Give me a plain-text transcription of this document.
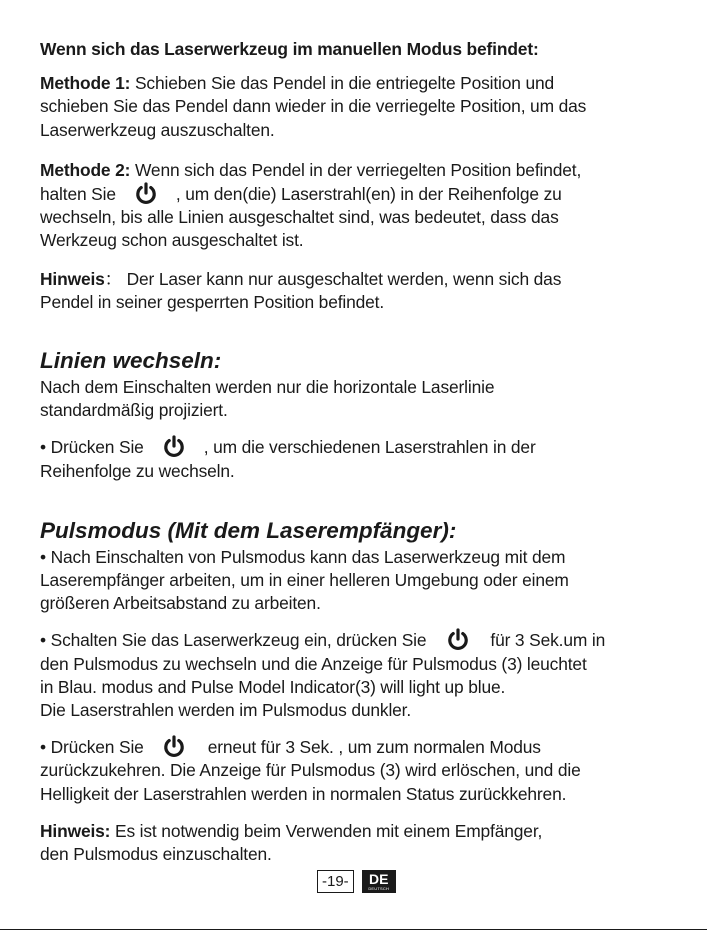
Wenn sich das Laserwerkzeug im manuellen Modus befindet:

Methode 1: Schieben Sie das Pendel in die entriegelte Position und
schieben Sie das Pendel dann wieder in die verriegelte Position, um das
Laserwerkzeug auszuschalten.

Methode 2: Wenn sich das Pendel in der verriegelten Position befindet,
halten Sie	, um den(die) Laserstrahl(en) in der Reihenfolge zu
wechseln, bis alle Linien ausgeschaltet sind, was bedeutet, dass das
Werkzeug schon ausgeschaltet ist.

Hinweis： Der Laser kann nur ausgeschaltet werden, wenn sich das
Pendel in seiner gesperrten Position befindet.

Linien wechseln:

Nach dem Einschalten werden nur die horizontale Laserlinie
standardmäßig projiziert.

• Drücken Sie	, um die verschiedenen Laserstrahlen in der
Reihenfolge zu wechseln.

Pulsmodus (Mit dem Laserempfänger):

• Nach Einschalten von Pulsmodus kann das Laserwerkzeug mit dem
Laserempfänger arbeiten, um in einer helleren Umgebung oder einem
größeren Arbeitsabstand zu arbeiten.

• Schalten Sie das Laserwerkzeug ein, drücken Sie	für 3 Sek.um in
den Pulsmodus zu wechseln und die Anzeige für Pulsmodus (3) leuchtet
in Blau. modus and Pulse Model Indicator(3) will light up blue.
Die Laserstrahlen werden im Pulsmodus dunkler.

• Drücken Sie	erneut für 3 Sek. , um zum normalen Modus
zurückzukehren. Die Anzeige für Pulsmodus (3) wird erlöschen, und die
Helligkeit der Laserstrahlen werden in normalen Status zurückkehren.

Hinweis: Es ist notwendig beim Verwenden mit einem Empfänger,
den Pulsmodus einzuschalten.

-19-	DE
DEUTSCH
